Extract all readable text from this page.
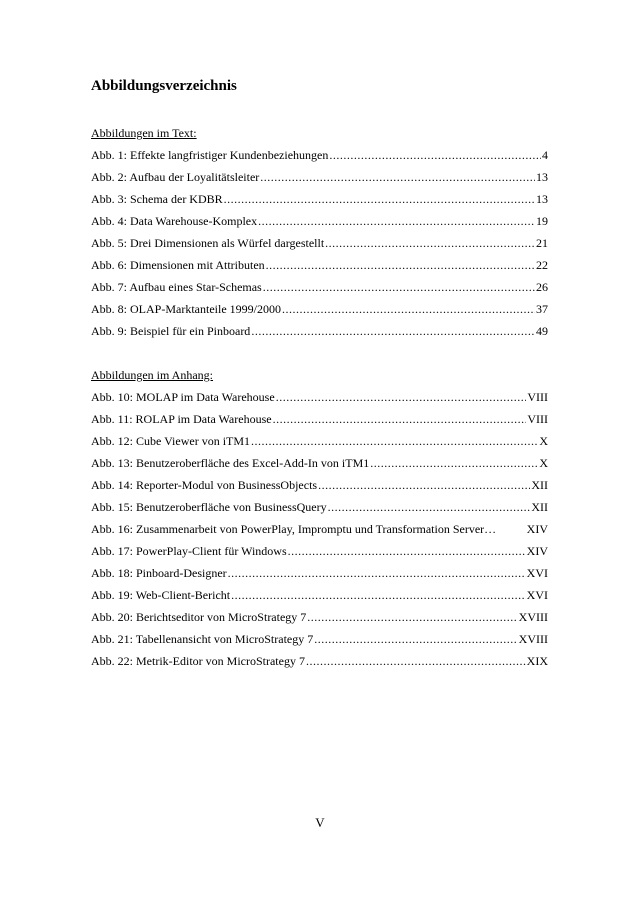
Abbildungsverzeichnis
Abbildungen im Text:
Abb. 1: Effekte langfristiger Kundenbeziehungen .....	4
Abb. 2: Aufbau der Loyalitätsleiter .....	13
Abb. 3: Schema der KDBR .....	13
Abb. 4: Data Warehouse-Komplex .....	19
Abb. 5: Drei Dimensionen als Würfel dargestellt .....	21
Abb. 6: Dimensionen mit Attributen .....	22
Abb. 7: Aufbau eines Star-Schemas .....	26
Abb. 8: OLAP-Marktanteile 1999/2000 .....	37
Abb. 9: Beispiel für ein Pinboard .....	49
Abbildungen im Anhang:
Abb. 10: MOLAP im Data Warehouse .....	VIII
Abb. 11: ROLAP im Data Warehouse .....	VIII
Abb. 12: Cube Viewer von iTM1 .....	X
Abb. 13: Benutzeroberfläche des Excel-Add-In von iTM1 .....	X
Abb. 14: Reporter-Modul von BusinessObjects .....	XII
Abb. 15: Benutzeroberfläche von BusinessQuery .....	XII
Abb. 16: Zusammenarbeit von PowerPlay, Impromptu und Transformation Server…	XIV
Abb. 17: PowerPlay-Client für Windows .....	XIV
Abb. 18: Pinboard-Designer .....	XVI
Abb. 19: Web-Client-Bericht .....	XVI
Abb. 20: Berichtseditor von MicroStrategy 7 .....	XVIII
Abb. 21: Tabellenansicht von MicroStrategy 7 .....	XVIII
Abb. 22: Metrik-Editor von MicroStrategy 7 .....	XIX
V
